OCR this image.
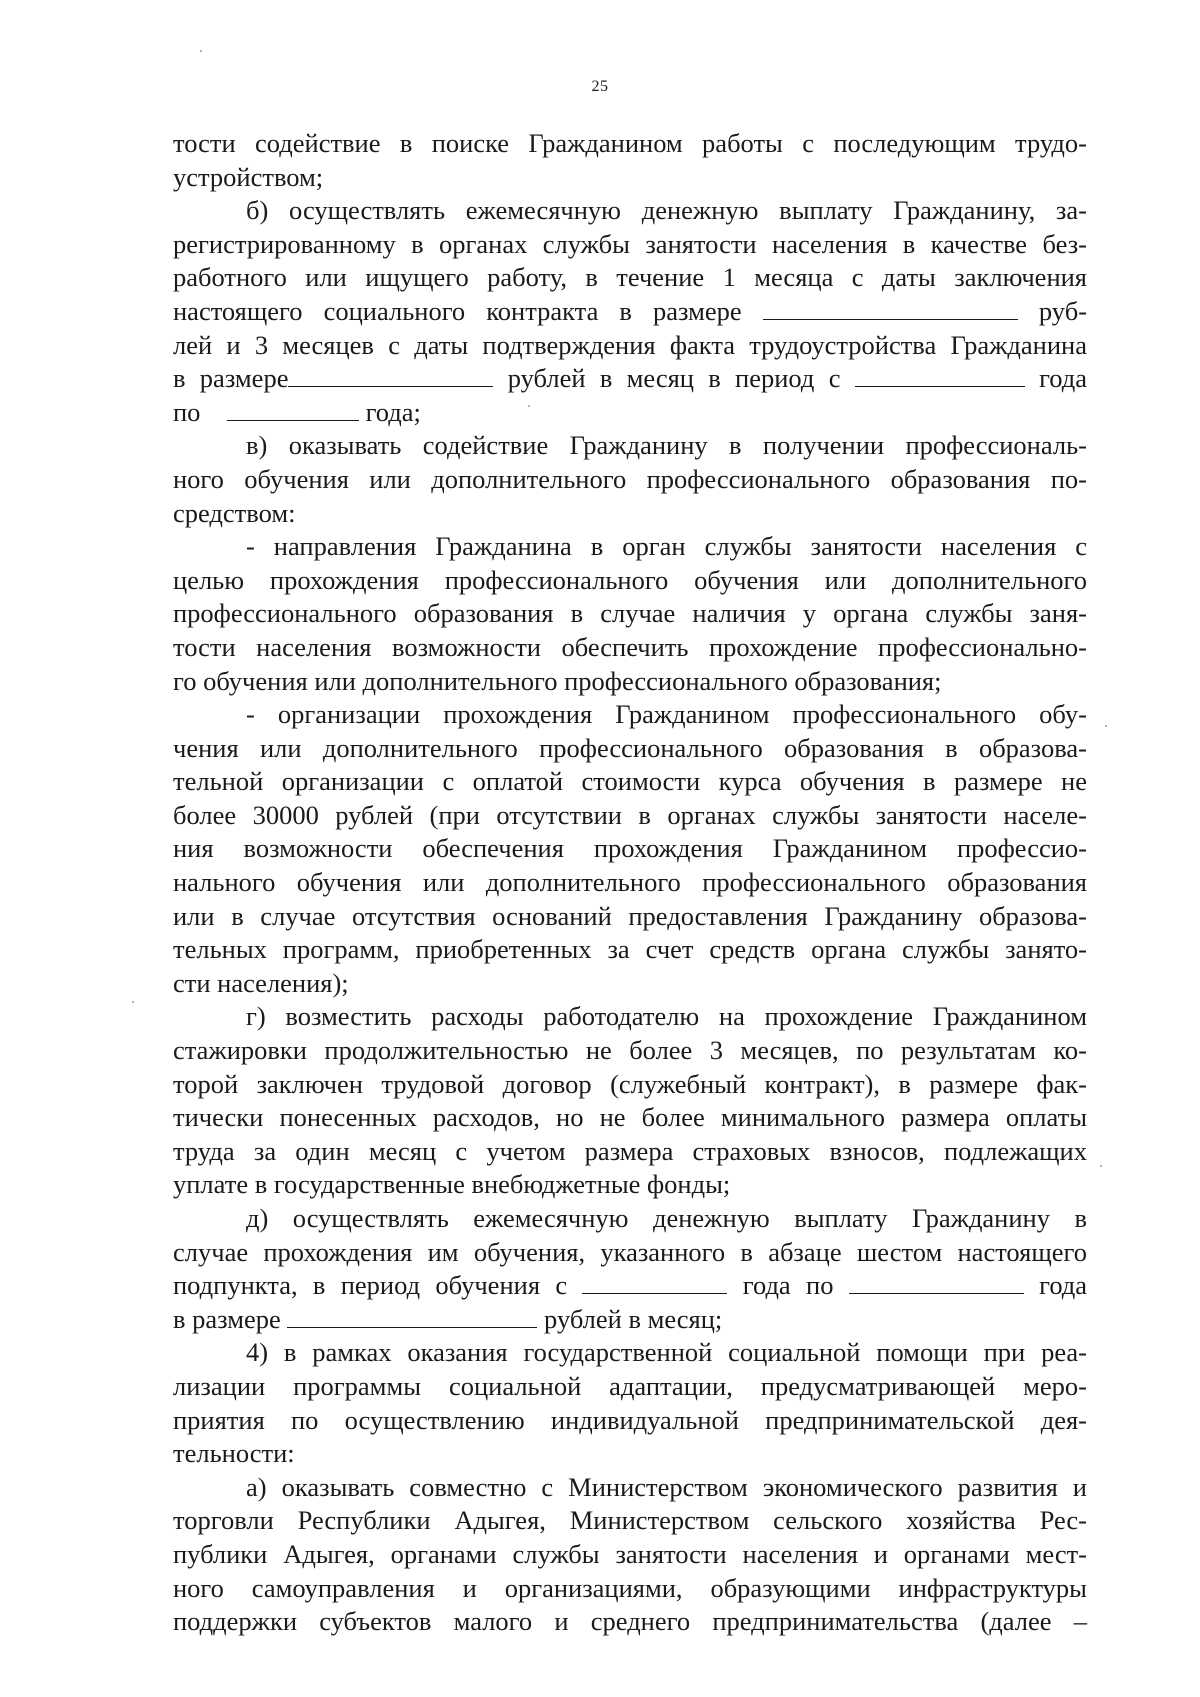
25
тости содействие в поиске Гражданином работы с последующим трудо-
устройством;
б) осуществлять ежемесячную денежную выплату Гражданину, за-
регистрированному в органах службы занятости населения в качестве без-
работного или ищущего работу, в течение 1 месяца с даты заключения
настоящего социального контракта в размере	руб-
лей и 3 месяцев с даты подтверждения факта трудоустройства Гражданина
в размере	рублей в месяц в период с	года
по	года;
в) оказывать содействие Гражданину в получении профессиональ-
ного обучения или дополнительного профессионального образования по-
средством:
- направления Гражданина в орган службы занятости населения с
целью прохождения профессионального обучения или дополнительного
профессионального образования в случае наличия у органа службы заня-
тости населения возможности обеспечить прохождение профессионально-
го обучения или дополнительного профессионального образования;
- организации прохождения Гражданином профессионального обу-
чения или дополнительного профессионального образования в образова-
тельной организации с оплатой стоимости курса обучения в размере не
более 30000 рублей (при отсутствии в органах службы занятости населе-
ния возможности обеспечения прохождения Гражданином профессио-
нального обучения или дополнительного профессионального образования
или в случае отсутствия оснований предоставления Гражданину образова-
тельных программ, приобретенных за счет средств органа службы занято-
сти населения);
г) возместить расходы работодателю на прохождение Гражданином
стажировки продолжительностью не более 3 месяцев, по результатам ко-
торой заключен трудовой договор (служебный контракт), в размере фак-
тически понесенных расходов, но не более минимального размера оплаты
труда за один месяц с учетом размера страховых взносов, подлежащих
уплате в государственные внебюджетные фонды;
д) осуществлять ежемесячную денежную выплату Гражданину в
случае прохождения им обучения, указанного в абзаце шестом настоящего
подпункта, в период обучения с	года по	года
в размере	рублей в месяц;
4) в рамках оказания государственной социальной помощи при реа-
лизации программы социальной адаптации, предусматривающей меро-
приятия по осуществлению индивидуальной предпринимательской дея-
тельности:
а) оказывать совместно с Министерством экономического развития и
торговли Республики Адыгея, Министерством сельского хозяйства Рес-
публики Адыгея, органами службы занятости населения и органами мест-
ного самоуправления и организациями, образующими инфраструктуры
поддержки субъектов малого и среднего предпринимательства (далее –
